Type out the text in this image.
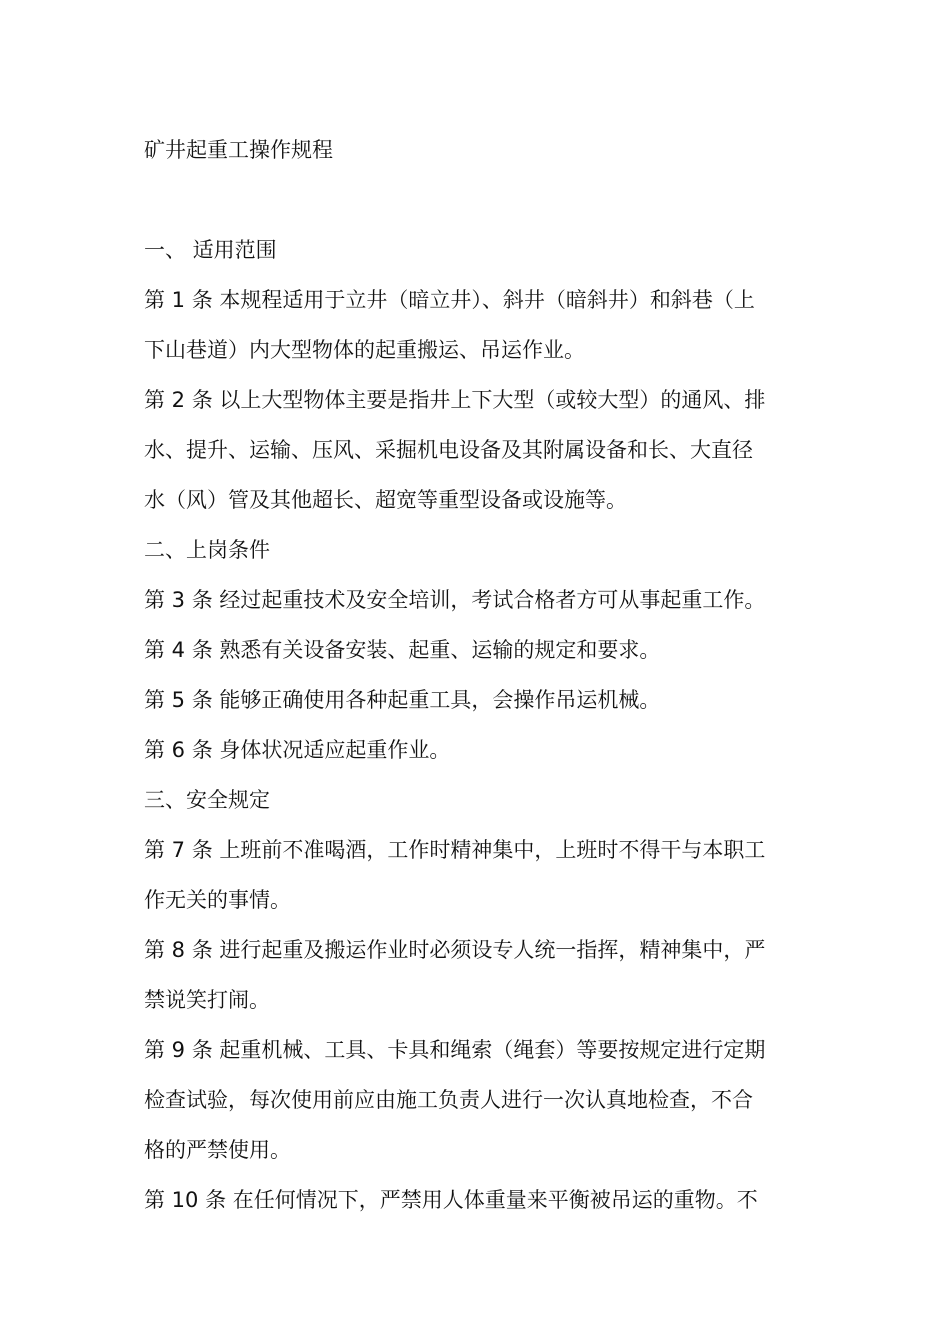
矿井起重工操作规程
一、 适用范围
第 1 条 本规程适用于立井（暗立井）、斜井（暗斜井）和斜巷（上
下山巷道）内大型物体的起重搬运、吊运作业。
第 2 条 以上大型物体主要是指井上下大型（或较大型）的通风、排
水、提升、运输、压风、采掘机电设备及其附属设备和长、大直径
水（风）管及其他超长、超宽等重型设备或设施等。
二、上岗条件
第 3 条 经过起重技术及安全培训，考试合格者方可从事起重工作。
第 4 条 熟悉有关设备安装、起重、运输的规定和要求。
第 5 条 能够正确使用各种起重工具，会操作吊运机械。
第 6 条 身体状况适应起重作业。
三、安全规定
第 7 条 上班前不准喝酒，工作时精神集中，上班时不得干与本职工
作无关的事情。
第 8 条 进行起重及搬运作业时必须设专人统一指挥，精神集中，严
禁说笑打闹。
第 9 条 起重机械、工具、卡具和绳索（绳套）等要按规定进行定期
检查试验，每次使用前应由施工负责人进行一次认真地检查，不合
格的严禁使用。
第 10 条 在任何情况下，严禁用人体重量来平衡被吊运的重物。不
